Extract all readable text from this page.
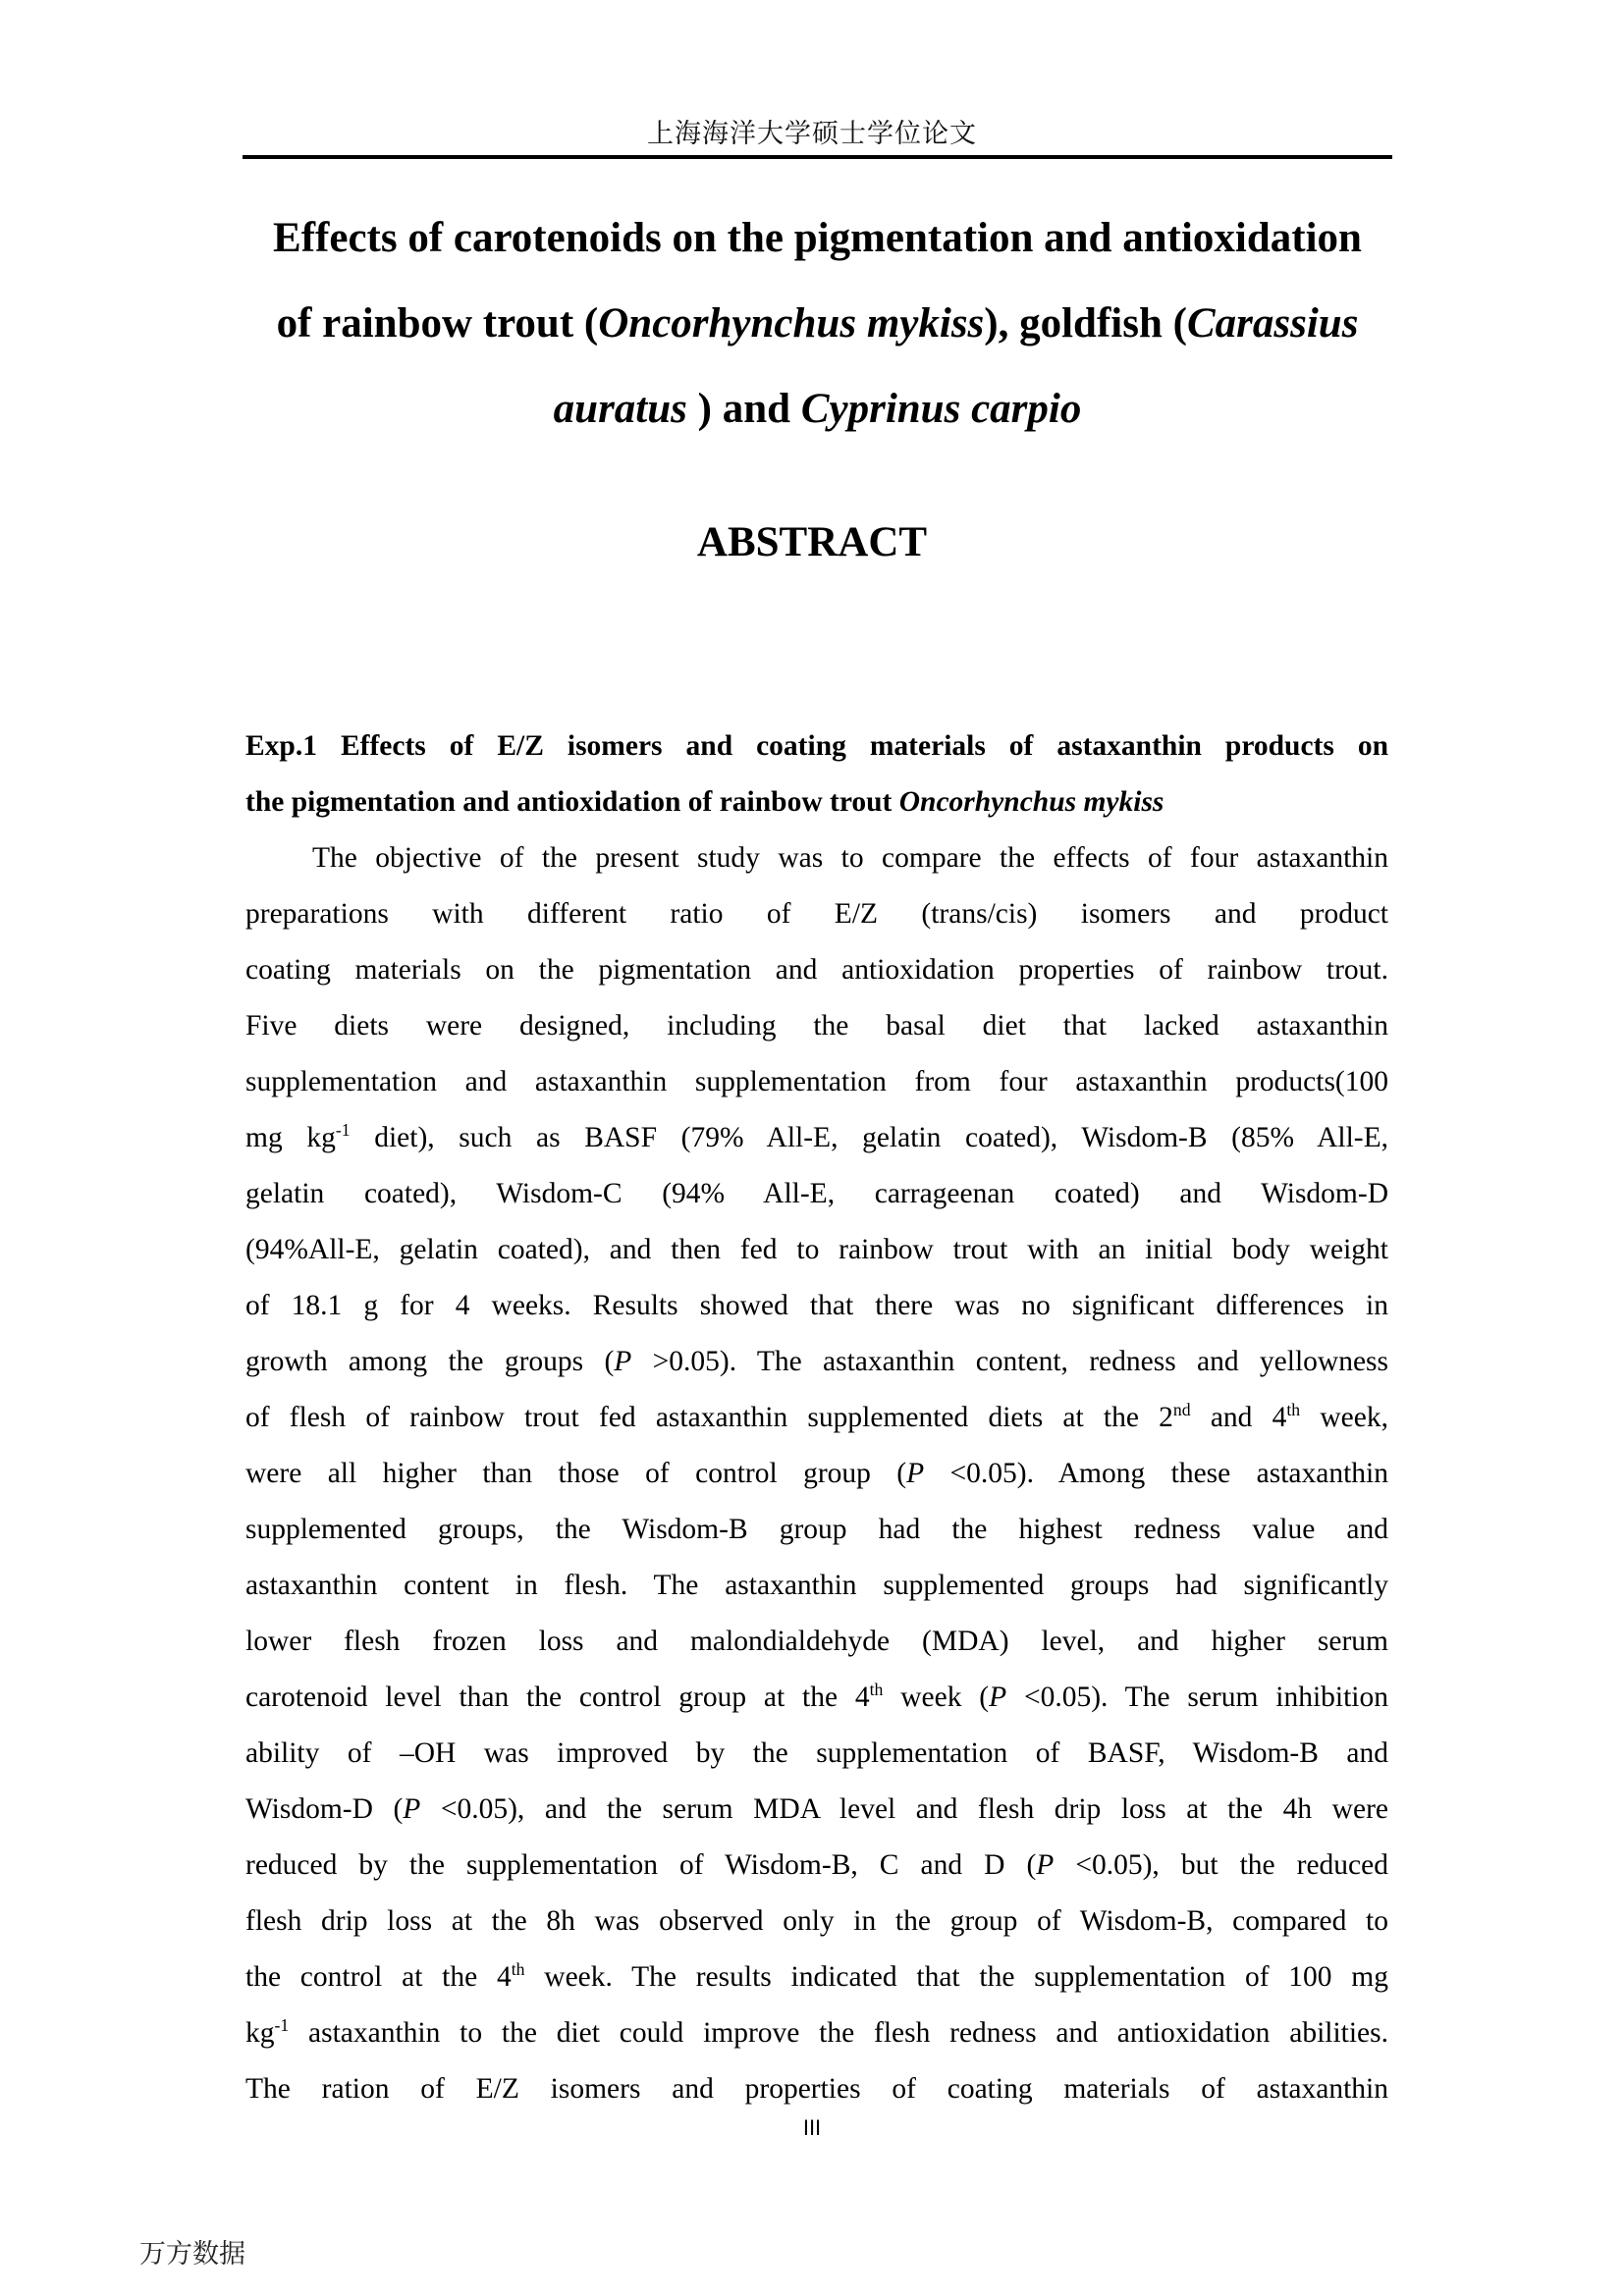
上海海洋大学硕士学位论文
Effects of carotenoids on the pigmentation and antioxidation
of rainbow trout (Oncorhynchus mykiss), goldfish (Carassius
auratus ) and Cyprinus carpio
ABSTRACT
Exp.1 Effects of E/Z isomers and coating materials of astaxanthin products on
the pigmentation and antioxidation of rainbow trout Oncorhynchus mykiss
The objective of the present study was to compare the effects of four astaxanthin
preparations with different ratio of E/Z (trans/cis) isomers and product
coating materials on the pigmentation and antioxidation properties of rainbow trout.
Five diets were designed, including the basal diet that lacked astaxanthin
supplementation and astaxanthin supplementation from four astaxanthin products(100
mg $kg^{-1}$ diet), such as BASF (79% All-E, gelatin coated), Wisdom-B (85% All-E,
gelatin coated), Wisdom-C (94% All-E, carrageenan coated) and Wisdom-D
(94%All-E, gelatin coated), and then fed to rainbow trout with an initial body weight
of 18.1 g for 4 weeks. Results showed that there was no significant differences in
growth among the groups (P >0.05). The astaxanthin content, redness and yellowness
of flesh of rainbow trout fed astaxanthin supplemented diets at the 2nd and 4th week,
were all higher than those of control group (P <0.05). Among these astaxanthin
supplemented groups, the Wisdom-B group had the highest redness value and
astaxanthin content in flesh. The astaxanthin supplemented groups had significantly
lower flesh frozen loss and malondialdehyde (MDA) level, and higher serum
carotenoid level than the control group at the 4th week (P <0.05). The serum inhibition
ability of –OH was improved by the supplementation of BASF, Wisdom-B and
Wisdom-D (P <0.05), and the serum MDA level and flesh drip loss at the 4h were
reduced by the supplementation of Wisdom-B, C and D (P <0.05), but the reduced
flesh drip loss at the 8h was observed only in the group of Wisdom-B, compared to
the control at the 4th week. The results indicated that the supplementation of 100 mg
$kg^{-1}$ astaxanthin to the diet could improve the flesh redness and antioxidation abilities.
The ration of E/Z isomers and properties of coating materials of astaxanthin
III
万方数据
